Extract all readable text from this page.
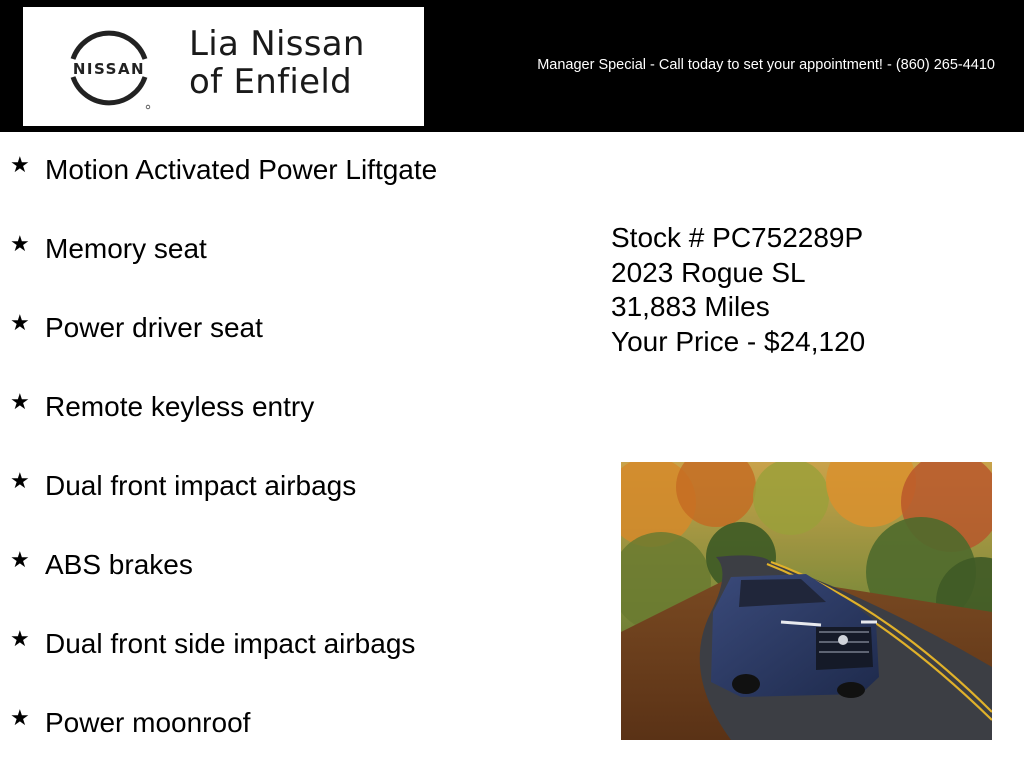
NISSAN
Lia Nissan
of Enfield	Manager Special - Call today to set your appointment! - (860) 265-4410
★ Motion Activated Power Liftgate
★ Memory seat
★ Power driver seat
★ Remote keyless entry
★ Dual front impact airbags
★ ABS brakes
★ Dual front side impact airbags
★ Power moonroof
Stock # PC752289P
2023 Rogue SL
31,883 Miles
Your Price - $24,120
